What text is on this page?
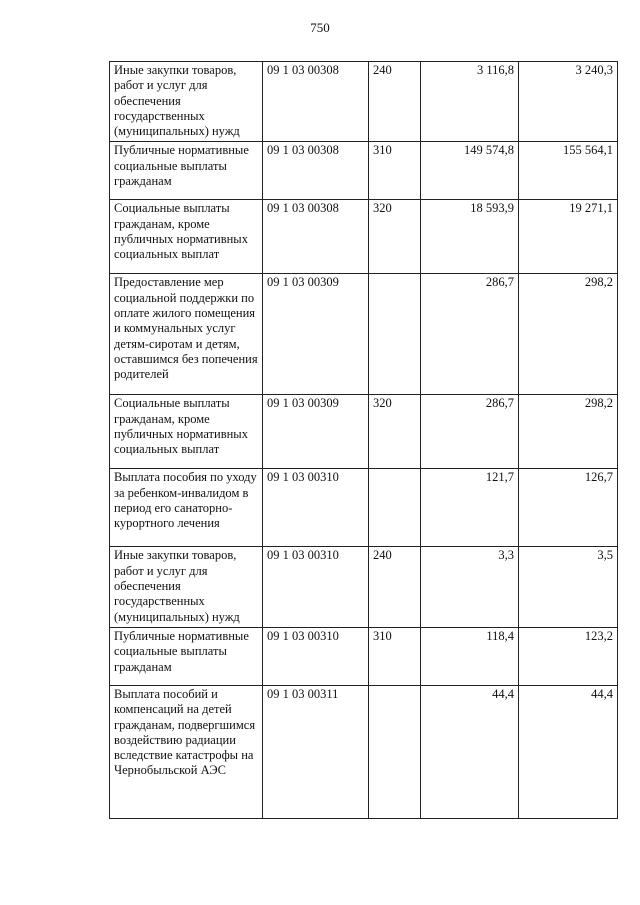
750
Иные закупки товаров, работ и услуг для обеспечения государственных (муниципальных) нужд	09 1 03 00308	240	3 116,8	3 240,3
Публичные нормативные социальные выплаты гражданам	09 1 03 00308	310	149 574,8	155 564,1
Социальные выплаты гражданам, кроме публичных нормативных социальных выплат	09 1 03 00308	320	18 593,9	19 271,1
Предоставление мер социальной поддержки по оплате жилого помещения и коммунальных услуг детям-сиротам и детям, оставшимся без попечения родителей	09 1 03 00309		286,7	298,2
Социальные выплаты гражданам, кроме публичных нормативных социальных выплат	09 1 03 00309	320	286,7	298,2
Выплата пособия по уходу за ребенком-инвалидом в период его санаторно-курортного лечения	09 1 03 00310		121,7	126,7
Иные закупки товаров, работ и услуг для обеспечения государственных (муниципальных) нужд	09 1 03 00310	240	3,3	3,5
Публичные нормативные социальные выплаты гражданам	09 1 03 00310	310	118,4	123,2
Выплата пособий и компенсаций на детей гражданам, подвергшимся воздействию радиации вследствие катастрофы на Чернобыльской АЭС	09 1 03 00311		44,4	44,4
